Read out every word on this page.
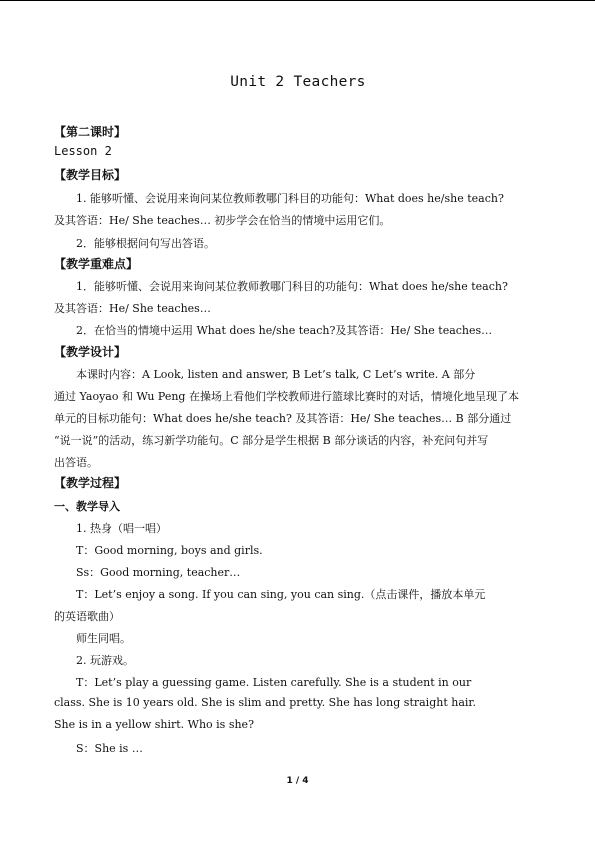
Unit 2 Teachers
【第二课时】
Lesson 2
【教学目标】
1. 能够听懂、会说用来询问某位教师教哪门科目的功能句：What does he/she teach?
及其答语：He/ She teaches… 初步学会在恰当的情境中运用它们。
2．能够根据问句写出答语。
【教学重难点】
1．能够听懂、会说用来询问某位教师教哪门科目的功能句：What does he/she teach?
及其答语：He/ She teaches…
2．在恰当的情境中运用 What does he/she teach?及其答语：He/ She teaches…
【教学设计】
本课时内容：A Look, listen and answer, B Let’s talk, C Let’s write. A 部分
通过 Yaoyao 和 Wu Peng 在操场上看他们学校教师进行篮球比赛时的对话，情境化地呈现了本
单元的目标功能句：What does he/she teach? 及其答语：He/ She teaches… B 部分通过
“说一说”的活动，练习新学功能句。C 部分是学生根据 B 部分谈话的内容，补充问句并写
出答语。
【教学过程】
一、教学导入
1. 热身（唱一唱）
T：Good morning, boys and girls.
Ss：Good morning, teacher…
T：Let’s enjoy a song. If you can sing, you can sing.（点击课件，播放本单元
的英语歌曲）
师生同唱。
2. 玩游戏。
T：Let’s play a guessing game. Listen carefully. She is a student in our
class. She is 10 years old. She is slim and pretty. She has long straight hair.
She is in a yellow shirt. Who is she?
S：She is …
1 / 4
